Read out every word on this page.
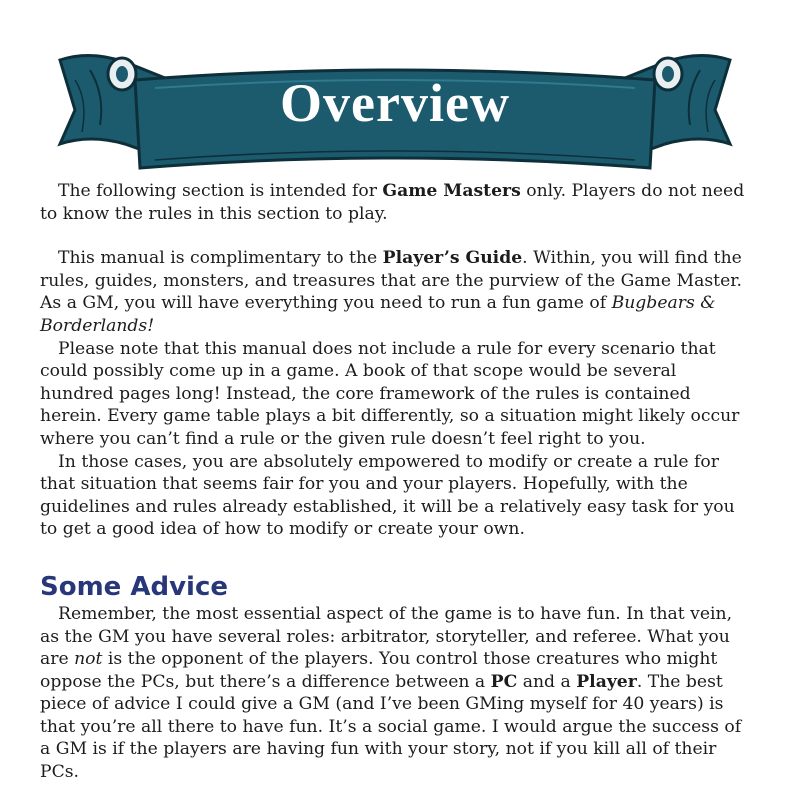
Overview

The following section is intended for Game Masters only. Players do not need to know the rules in this section to play.

This manual is complimentary to the Player’s Guide. Within, you will find the rules, guides, monsters, and treasures that are the purview of the Game Master. As a GM, you will have everything you need to run a fun game of Bugbears & Borderlands!

Please note that this manual does not include a rule for every scenario that could possibly come up in a game. A book of that scope would be several hundred pages long! Instead, the core framework of the rules is contained herein. Every game table plays a bit differently, so a situation might likely occur where you can’t find a rule or the given rule doesn’t feel right to you.

In those cases, you are absolutely empowered to modify or create a rule for that situation that seems fair for you and your players. Hopefully, with the guidelines and rules already established, it will be a relatively easy task for you to get a good idea of how to modify or create your own.

Some Advice

Remember, the most essential aspect of the game is to have fun. In that vein, as the GM you have several roles: arbitrator, storyteller, and referee. What you are not is the opponent of the players. You control those creatures who might oppose the PCs, but there’s a difference between a PC and a Player. The best piece of advice I could give a GM (and I’ve been GMing myself for 40 years) is that you’re all there to have fun. It’s a social game. I would argue the success of a GM is if the players are having fun with your story, not if you kill all of their PCs.
